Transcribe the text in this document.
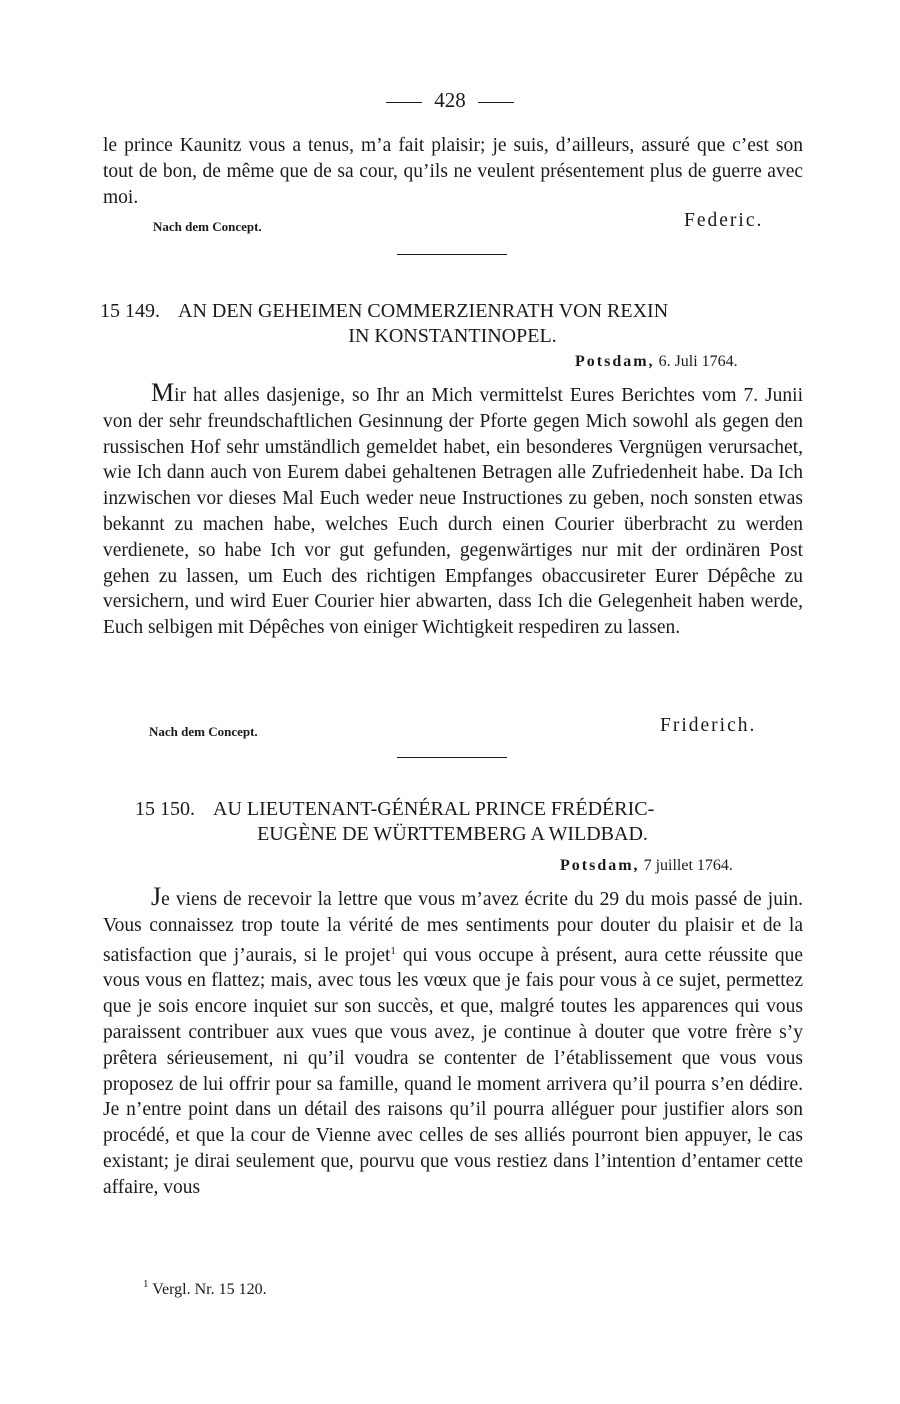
428

le prince Kaunitz vous a tenus, m’a fait plaisir; je suis, d’ailleurs, assuré que c’est son tout de bon, de même que de sa cour, qu’ils ne veulent présentement plus de guerre avec moi.

Nach dem Concept.	Federic.
15 149. AN DEN GEHEIMEN COMMERZIENRATH VON REXIN
IN KONSTANTINOPEL.
Potsdam, 6. Juli 1764.

Mir hat alles dasjenige, so Ihr an Mich vermittelst Eures Berichtes vom 7. Junii von der sehr freundschaftlichen Gesinnung der Pforte gegen Mich sowohl als gegen den russischen Hof sehr umständlich gemeldet habet, ein besonderes Vergnügen verursachet, wie Ich dann auch von Eurem dabei gehaltenen Betragen alle Zufriedenheit habe. Da Ich inzwischen vor dieses Mal Euch weder neue Instructiones zu geben, noch sonsten etwas bekannt zu machen habe, welches Euch durch einen Courier überbracht zu werden verdienete, so habe Ich vor gut gefunden, gegenwärtiges nur mit der ordinären Post gehen zu lassen, um Euch des richtigen Empfanges obaccusireter Eurer Dépêche zu versichern, und wird Euer Courier hier abwarten, dass Ich die Gelegenheit haben werde, Euch selbigen mit Dépêches von einiger Wichtigkeit respediren zu lassen.

Nach dem Concept.	Friderich.
15 150. AU LIEUTENANT-GÉNÉRAL PRINCE FRÉDÉRIC-
EUGÈNE DE WÜRTTEMBERG A WILDBAD.
Potsdam, 7 juillet 1764.

Je viens de recevoir la lettre que vous m’avez écrite du 29 du mois passé de juin. Vous connaissez trop toute la vérité de mes sentiments pour douter du plaisir et de la satisfaction que j’aurais, si le projet$^1$ qui vous occupe à présent, aura cette réussite que vous vous en flattez; mais, avec tous les vœux que je fais pour vous à ce sujet, permettez que je sois encore inquiet sur son succès, et que, malgré toutes les apparences qui vous paraissent contribuer aux vues que vous avez, je continue à douter que votre frère s’y prêtera sérieusement, ni qu’il voudra se contenter de l’établissement que vous vous proposez de lui offrir pour sa famille, quand le moment arrivera qu’il pourra s’en dédire. Je n’entre point dans un détail des raisons qu’il pourra alléguer pour justifier alors son procédé, et que la cour de Vienne avec celles de ses alliés pourront bien appuyer, le cas existant; je dirai seulement que, pourvu que vous restiez dans l’intention d’entamer cette affaire, vous

$^1$ Vergl. Nr. 15 120.
